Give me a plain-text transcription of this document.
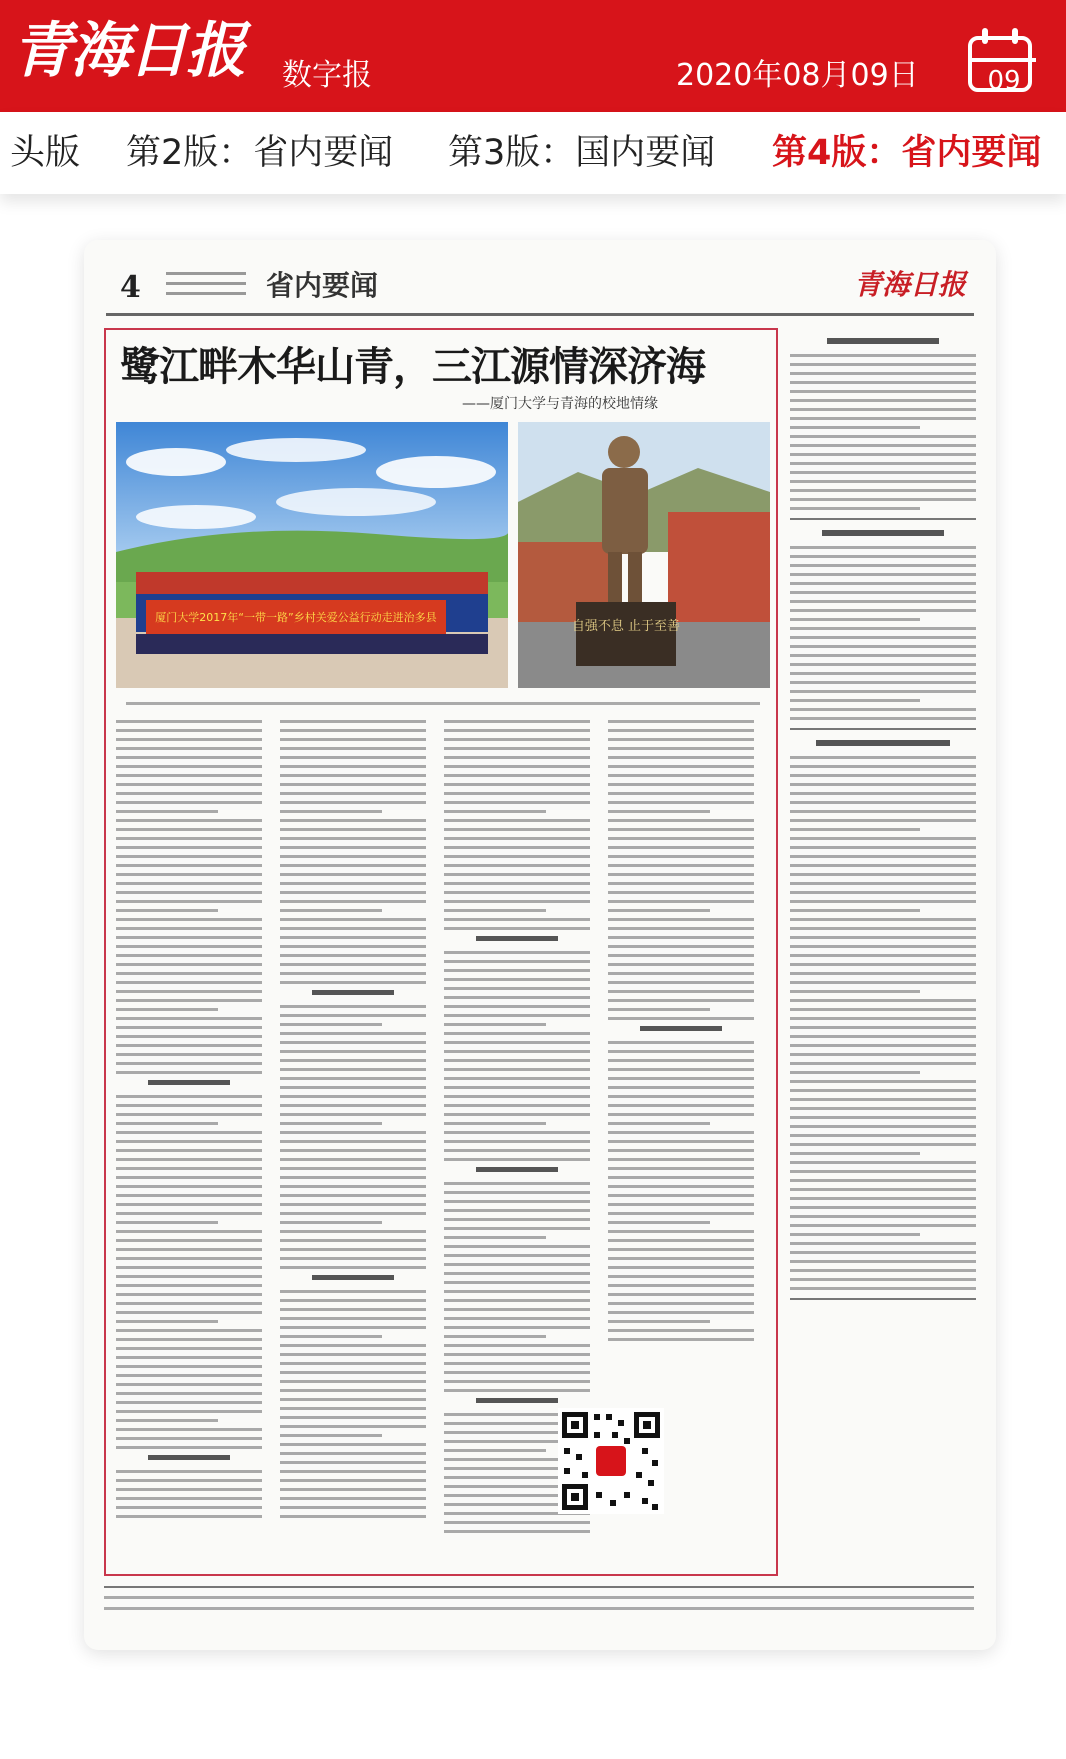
青海日报 数字报	2020年08月09日	09
头版 第2版：省内要闻 第3版：国内要闻 第4版：省内要闻
4	省内要闻	青海日报
鹭江畔木华山青，三江源情深济海
——厦门大学与青海的校地情缘
厦门大学2017年“一带一路”乡村关爱公益行动走进治多县
自强不息 止于至善
